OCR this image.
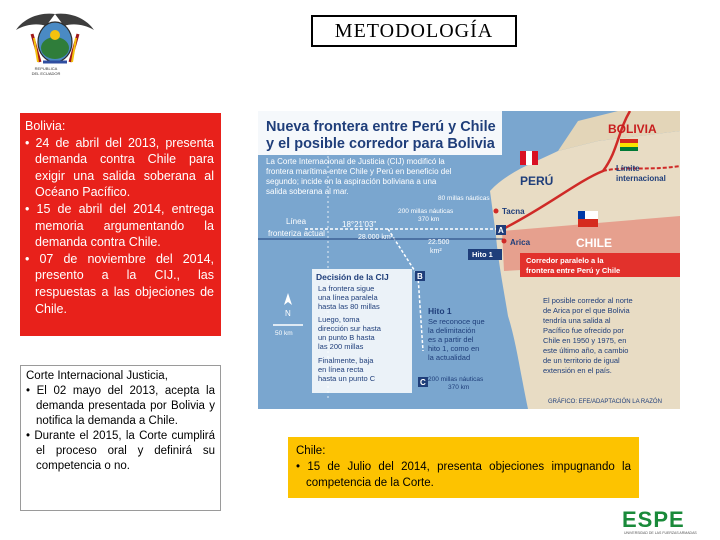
REPUBLICA
DEL ECUADOR
METODOLOGÍA
Bolivia:
• 24 de abril del 2013, presenta demanda contra Chile para exigir una salida soberana al Océano Pacífico.
• 15 de abril del 2014, entrega memoria argumentando la demanda contra Chile.
• 07 de noviembre del 2014, presento a la CIJ., las respuestas a las objeciones de Chile.
Corte Internacional Justicia,
• El 02 mayo del 2013, acepta la demanda presentada por Bolivia y notifica la demanda a Chile.
• Durante el 2015, la Corte cumplirá el proceso oral y definirá su competencia o no.
Nueva frontera entre Perú y Chile
y el posible corredor para Bolivia
La Corte Internacional de Justicia (CIJ) modificó la
frontera marítima entre Chile y Perú en beneficio del
segundo; incide en la aspiración boliviana a una
salida soberana al mar.
BOLIVIA
PERÚ
CHILE
Límite
internacional
80 millas náuticas
200 millas náuticas
370 km
Línea
fronteriza actual
18°21'03"
28.000 km²
22.500
km²
Tacna
Arica
Hito 1
A
B
C
Corredor paralelo a la
frontera entre Perú y Chile
Decisión de la CIJ
La frontera sigue
una línea paralela
hasta las 80 millas
Luego, toma
dirección sur hasta
un punto B hasta
las 200 millas
Finalmente, baja
en línea recta
hasta un punto C
Hito 1
Se reconoce que
la delimitación
es a partir del
hito 1, como en
la actualidad
200 millas náuticas
370 km
El posible corredor al norte
de Arica por el que Bolivia
tendría una salida al
Pacífico fue ofrecido por
Chile en 1950 y 1975, en
este último año, a cambio
de un territorio de igual
extensión en el país.
N
50 km
GRÁFICO: EFE/ADAPTACIÓN LA RAZÓN
Chile:
• 15 de Julio del 2014, presenta objeciones impugnando la competencia de la Corte.
ESPE
UNIVERSIDAD DE LAS FUERZAS ARMADAS
